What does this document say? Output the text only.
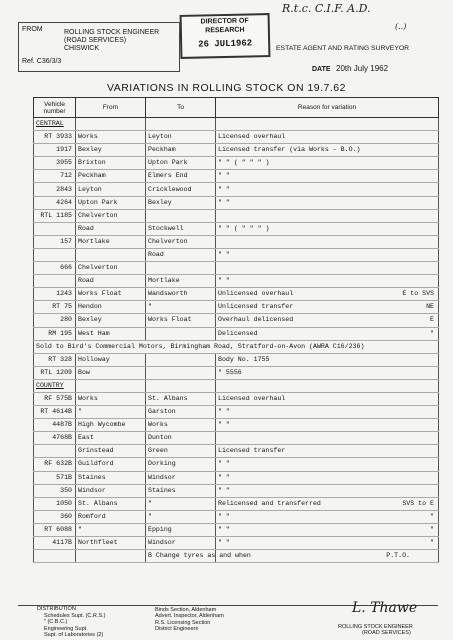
R.t.c. C.I.F. A.D.
(..)
FROM	ROLLING STOCK ENGINEER
(ROAD SERVICES)
CHISWICK
Ref. C36/3/3
DIRECTOR OF
RESEARCH
26 JUL1962	ESTATE AGENT AND RATING SURVEYOR
DATE 20th July 1962
VARIATIONS IN ROLLING STOCK ON 19.7.62
Vehicle number	From	To	Reason for variation
CENTRAL			
RT 3933	Works	Leyton	Licensed overhaul

1917	Bexley	Peckham	Licensed transfer (via Works - B.O.)

3955	Brixton	Upton Park	" " ( " " " )

712	Peckham	Elmers End	" "

2843	Leyton	Cricklewood	" "

4264	Upton Park	Bexley	" "

RTL 1185	Chelverton		

	Road	Stockwell	" " ( " " " )

157	Mortlake	Chelverton	

		Road	" "

666	Chelverton		

	Road	Mortlake	" "

1243	Works Float	Wandsworth	Unlicensed overhaul E to SVS

RT 75	Hendon	"	Unlicensed transfer NE

280	Bexley	Works Float	Overhaul delicensed E

RM 195	West Ham		Delicensed "

Sold to Bird's Commercial Motors, Birmingham Road, Stratford-on-Avon (AWRA C16/236)			
RT 328	Holloway		Body No. 1755

RTL 1209	Bow		" 5556

COUNTRY			
RF 575B	Works	St. Albans	Licensed overhaul

RT 4614B	"	Garston	" "

4487B	High Wycombe	Works	" "

4768B	East	Dunton	

	Grinstead	Green	Licensed transfer

RF 632B	Guildford	Dorking	" "

571B	Staines	Windsor	" "

350	Windsor	Staines	" "

1050	St. Albans	"	Relicensed and transferred SVS to E

360	Romford	"	" " "

RT 6088	"	Epping	" " "

4117B	Northfleet	Windsor	" " "

		B Change tyres as and when	P.T.O.
DISTRIBUTION
Schedules Supt. (C.R.S.)
" (C.B.C.)
Engineering Supt.
Supt. of Laboratories (2)
Binds Section, Aldenham
Advert. Inspector, Aldenham
R.S. Licensing Section
District Engineers
L. Thawe
ROLLING STOCK ENGINEER
(ROAD SERVICES)
